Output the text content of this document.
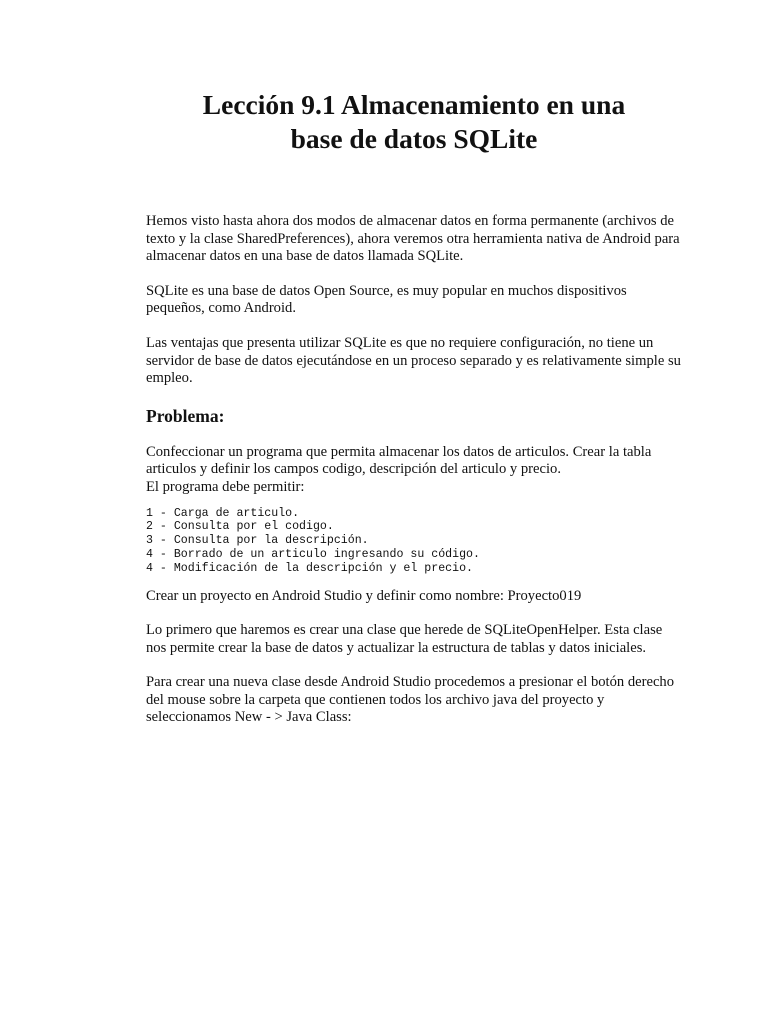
Lección 9.1 Almacenamiento en una
base de datos SQLite

Hemos visto hasta ahora dos modos de almacenar datos en forma permanente (archivos de texto y la clase SharedPreferences), ahora veremos otra herramienta nativa de Android para almacenar datos en una base de datos llamada SQLite.

SQLite es una base de datos Open Source, es muy popular en muchos dispositivos pequeños, como Android.

Las ventajas que presenta utilizar SQLite es que no requiere configuración, no tiene un servidor de base de datos ejecutándose en un proceso separado y es relativamente simple su empleo.

Problema:

Confeccionar un programa que permita almacenar los datos de articulos. Crear la tabla articulos y definir los campos codigo, descripción del articulo y precio.
El programa debe permitir:

1 - Carga de articulo.
2 - Consulta por el codigo.
3 - Consulta por la descripción.
4 - Borrado de un articulo ingresando su código.
4 - Modificación de la descripción y el precio.

Crear un proyecto en Android Studio y definir como nombre: Proyecto019

Lo primero que haremos es crear una clase que herede de SQLiteOpenHelper. Esta clase nos permite crear la base de datos y actualizar la estructura de tablas y datos iniciales.

Para crear una nueva clase desde Android Studio procedemos a presionar el botón derecho del mouse sobre la carpeta que contienen todos los archivo java del proyecto y seleccionamos New - > Java Class:
